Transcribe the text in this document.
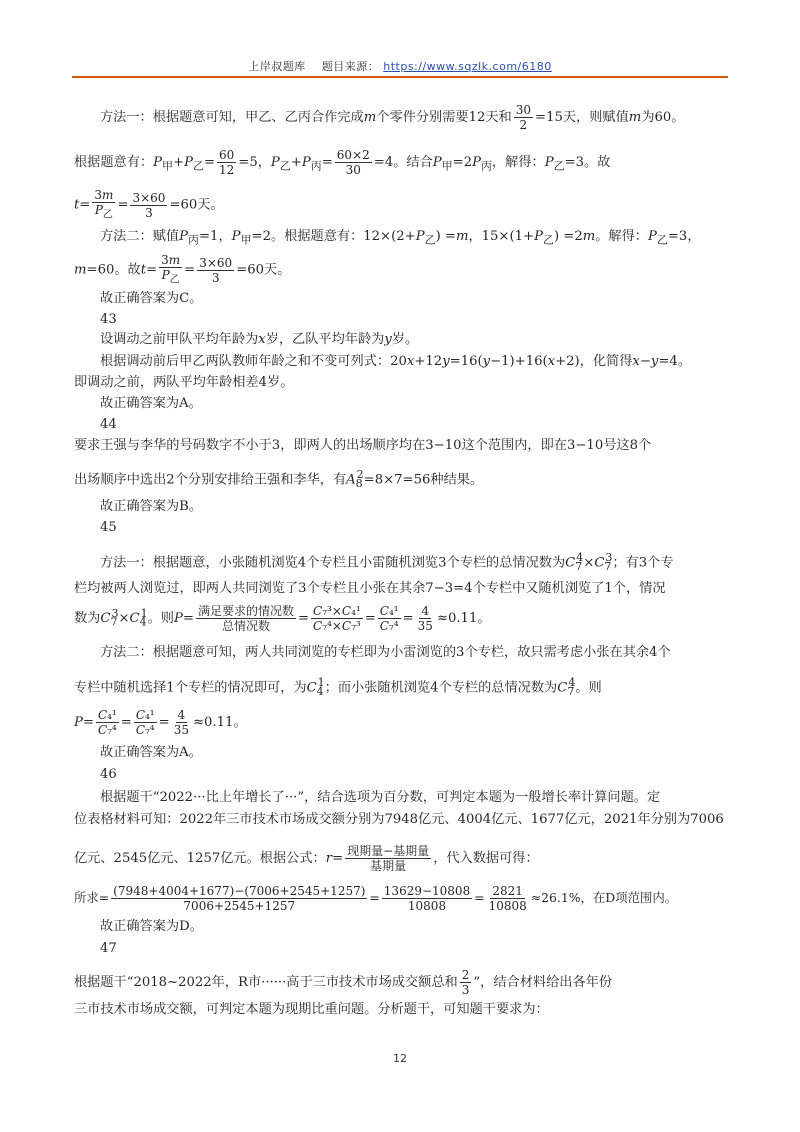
上岸叔题库 题目来源： https://www.sqzlk.com/6180
方法一：根据题意可知，甲乙、乙丙合作完成m个零件分别需要12天和 $\frac{30}{2} =15$天，则赋值m为60。
根据题意有：$P_甲+P_乙= \frac{60}{12} =5$，$P_乙+P_丙= \frac{60\times 2}{30} =4$。结合$P_甲=2P_丙$，解得：$P_乙=3$。故
$t= \frac{3m}{P_乙} = \frac{3\times 60}{3} =60$天。
方法二：赋值$P_丙=1$，$P_甲=2$。根据题意有：$12\times(2+P_乙) =m$，$15\times(1+P_乙) =2m$。解得：$P_乙=3$，
m=60。故$t= \frac{3m}{P_乙} = \frac{3\times 60}{3} =60$天。
故正确答案为C。
43
设调动之前甲队平均年龄为x岁，乙队平均年龄为y岁。
根据调动前后甲乙两队教师年龄之和不变可列式：20x+12y=16(y−1)+16(x+2)，化简得x−y=4。
即调动之前，两队平均年龄相差4岁。
故正确答案为A。
44
要求王强与李华的号码数字不小于3，即两人的出场顺序均在3−10这个范围内，即在3−10号这8个
出场顺序中选出2个分别安排给王强和李华，有$A_8^2=8\times 7=56$种结果。
故正确答案为B。
45
方法一：根据题意，小张随机浏览4个专栏且小雷随机浏览3个专栏的总情况数为$C_7^4\times C_7^3$；有3个专
栏均被两人浏览过，即两人共同浏览了3个专栏且小张在其余7−3=4个专栏中又随机浏览了1个，情况
数为$C_7^3\times C_4^1$。则$P= \frac{\text{满足要求的情况数}}{\text{总情况数}} = \frac{\text{C₇³×C₄¹}}{\text{C₇⁴×C₇³}} = \frac{\text{C₄¹}}{\text{C₇⁴}} = \frac{4}{35} \approx 0.11$。
方法二：根据题意可知，两人共同浏览的专栏即为小雷浏览的3个专栏，故只需考虑小张在其余4个
专栏中随机选择1个专栏的情况即可，为$C_4^1$；而小张随机浏览4个专栏的总情况数为$C_7^4$。则
$P= \frac{\text{C₄¹}}{\text{C₇⁴}} = \frac{\text{C₄¹}}{\text{C₇⁴}} = \frac{4}{35} \approx 0.11$。
故正确答案为A。
46
根据题干“2022···比上年增长了···”，结合选项为百分数，可判定本题为一般增长率计算问题。定
位表格材料可知：2022年三市技术市场成交额分别为7948亿元、4004亿元、1677亿元，2021年分别为7006
亿元、2545亿元、1257亿元。根据公式：$r= \frac{\text{现期量−基期量}}{\text{基期量}}$ ，代入数据可得：
所求= $\frac{(7948+4004+1677)-(7006+2545+1257)}{7006+2545+1257} = \frac{13629-10808}{10808} = \frac{2821}{10808} \approx 26.1\%$，在D项范围内。
故正确答案为D。
47
根据题干“2018~2022年，R市······高于三市技术市场成交额总和 $\frac{2}{3}$ ”，结合材料给出各年份
三市技术市场成交额，可判定本题为现期比重问题。分析题干，可知题干要求为：
12
